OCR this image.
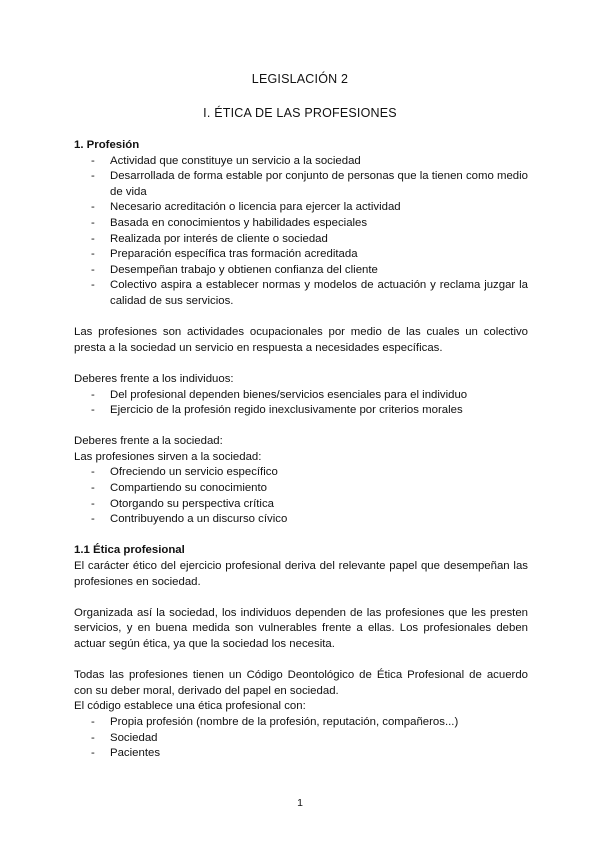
LEGISLACIÓN 2
I. ÉTICA DE LAS PROFESIONES
1. Profesión
- Actividad que constituye un servicio a la sociedad
- Desarrollada de forma estable por conjunto de personas que la tienen como medio de vida
- Necesario acreditación o licencia para ejercer la actividad
- Basada en conocimientos y habilidades especiales
- Realizada por interés de cliente o sociedad
- Preparación específica tras formación acreditada
- Desempeñan trabajo y obtienen confianza del cliente
- Colectivo aspira a establecer normas y modelos de actuación y reclama juzgar la calidad de sus servicios.

Las profesiones son actividades ocupacionales por medio de las cuales un colectivo presta a la sociedad un servicio en respuesta a necesidades específicas.

Deberes frente a los individuos:

- Del profesional dependen bienes/servicios esenciales para el individuo
- Ejercicio de la profesión regido inexclusivamente por criterios morales

Deberes frente a la sociedad:

Las profesiones sirven a la sociedad:

- Ofreciendo un servicio específico
- Compartiendo su conocimiento
- Otorgando su perspectiva crítica
- Contribuyendo a un discurso cívico
1.1 Ética profesional

El carácter ético del ejercicio profesional deriva del relevante papel que desempeñan las profesiones en sociedad.

Organizada así la sociedad, los individuos dependen de las profesiones que les presten servicios, y en buena medida son vulnerables frente a ellas. Los profesionales deben actuar según ética, ya que la sociedad los necesita.

Todas las profesiones tienen un Código Deontológico de Ética Profesional de acuerdo con su deber moral, derivado del papel en sociedad.

El código establece una ética profesional con:

- Propia profesión (nombre de la profesión, reputación, compañeros...)
- Sociedad
- Pacientes
1
